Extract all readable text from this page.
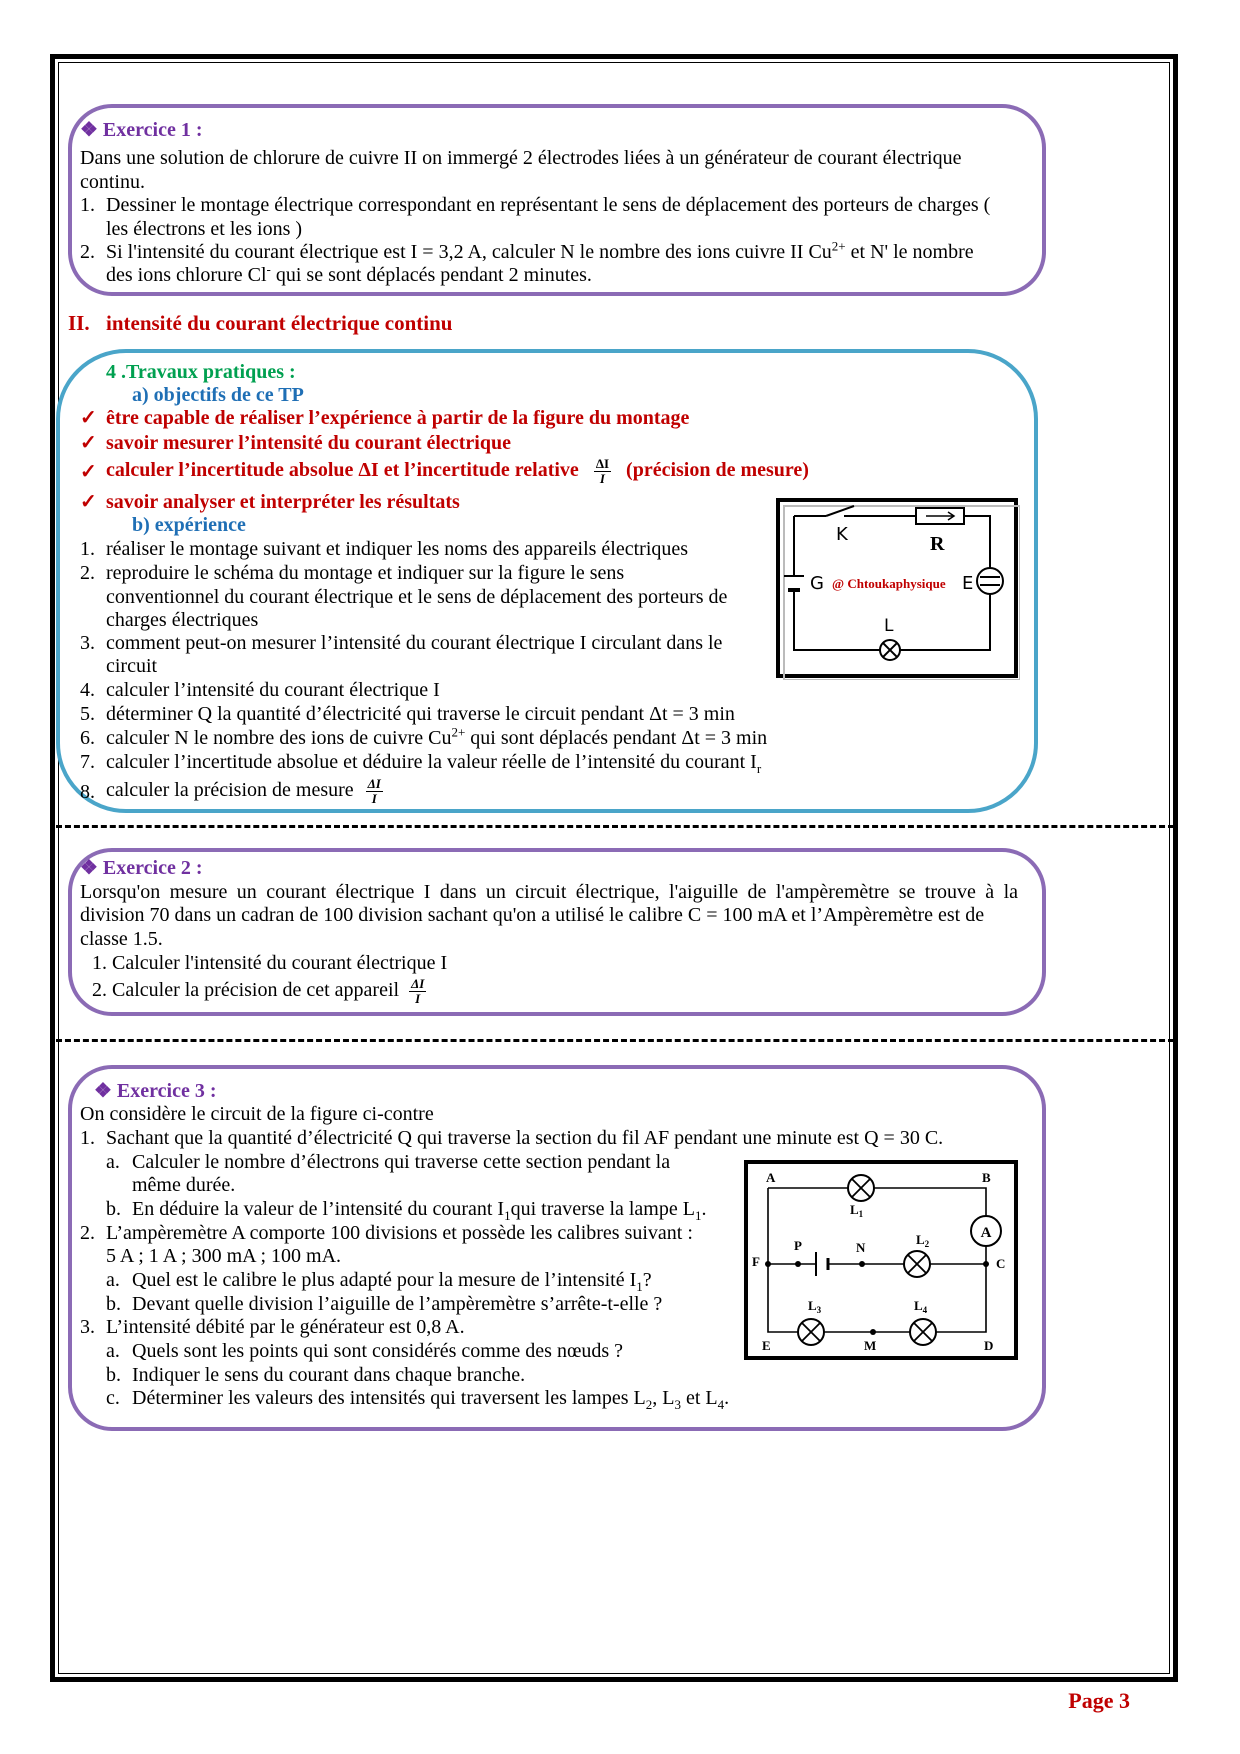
❖ Exercice 1 :
Dans une solution de chlorure de cuivre II on immergé 2 électrodes liées à un générateur de courant électrique
continu.
1. Dessiner le montage électrique correspondant en représentant le sens de déplacement des porteurs de charges (
les électrons et les ions )
2. Si l'intensité du courant électrique est I = 3,2 A, calculer N le nombre des ions cuivre II $Cu^{2+}$ et N' le nombre
des ions chlorure Cl- qui se sont déplacés pendant 2 minutes.
II. intensité du courant électrique continu
4 .Travaux pratiques :
a) objectifs de ce TP
✓ être capable de réaliser l’expérience à partir de la figure du montage
✓ savoir mesurer l’intensité du courant électrique
✓ calculer l’incertitude absolue ΔI et l’incertitude relative $\frac{\Delta I}{I}$ (précision de mesure)
✓ savoir analyser et interpréter les résultats
b) expérience
1. réaliser le montage suivant et indiquer les noms des appareils électriques
2. reproduire le schéma du montage et indiquer sur la figure le sens
conventionnel du courant électrique et le sens de déplacement des porteurs de
charges électriques
3. comment peut-on mesurer l’intensité du courant électrique I circulant dans le
circuit
4. calculer l’intensité du courant électrique I
5. déterminer Q la quantité d’électricité qui traverse le circuit pendant Δt = 3 min
6. calculer N le nombre des ions de cuivre $Cu^{2+}$ qui sont déplacés pendant Δt = 3 min
7. calculer l’incertitude absolue et déduire la valeur réelle de l’intensité du courant $I_r$
8. calculer la précision de mesure $\frac{\Delta I}{I}$
K	R
G	E
L
@ Chtoukaphysique
❖ Exercice 2 :
Lorsqu'on mesure un courant électrique I dans un circuit électrique, l'aiguille de l'ampèremètre se trouve à la
division 70 dans un cadran de 100 division sachant qu'on a utilisé le calibre C = 100 mA et l’Ampèremètre est de
classe 1.5.
1. Calculer l'intensité du courant électrique I
2. Calculer la précision de cet appareil $\frac{\Delta I}{I}$
❖ Exercice 3 :
On considère le circuit de la figure ci-contre
1. Sachant que la quantité d’électricité Q qui traverse la section du fil AF pendant une minute est Q = 30 C.
a. Calculer le nombre d’électrons qui traverse cette section pendant la
même durée.
b. En déduire la valeur de l’intensité du courant $I_1qui$ traverse la lampe $L_1$.
2. L’ampèremètre A comporte 100 divisions et possède les calibres suivant :
5 A ; 1 A ; 300 mA ; 100 mA.
a. Quel est le calibre le plus adapté pour la mesure de l’intensité $I_1$?
b. Devant quelle division l’aiguille de l’ampèremètre s’arrête-t-elle ?
3. L’intensité débité par le générateur est 0,8 A.
a. Quels sont les points qui sont considérés comme des nœuds ?
b. Indiquer le sens du courant dans chaque branche.
c. Déterminer les valeurs des intensités qui traversent les lampes $L_2$, $L_3$ et $L_4$.
A
A	B
C
D
E
F
M
N
P
$L_1$
$L_2$
$L_3$	$L_4$
Page 3
